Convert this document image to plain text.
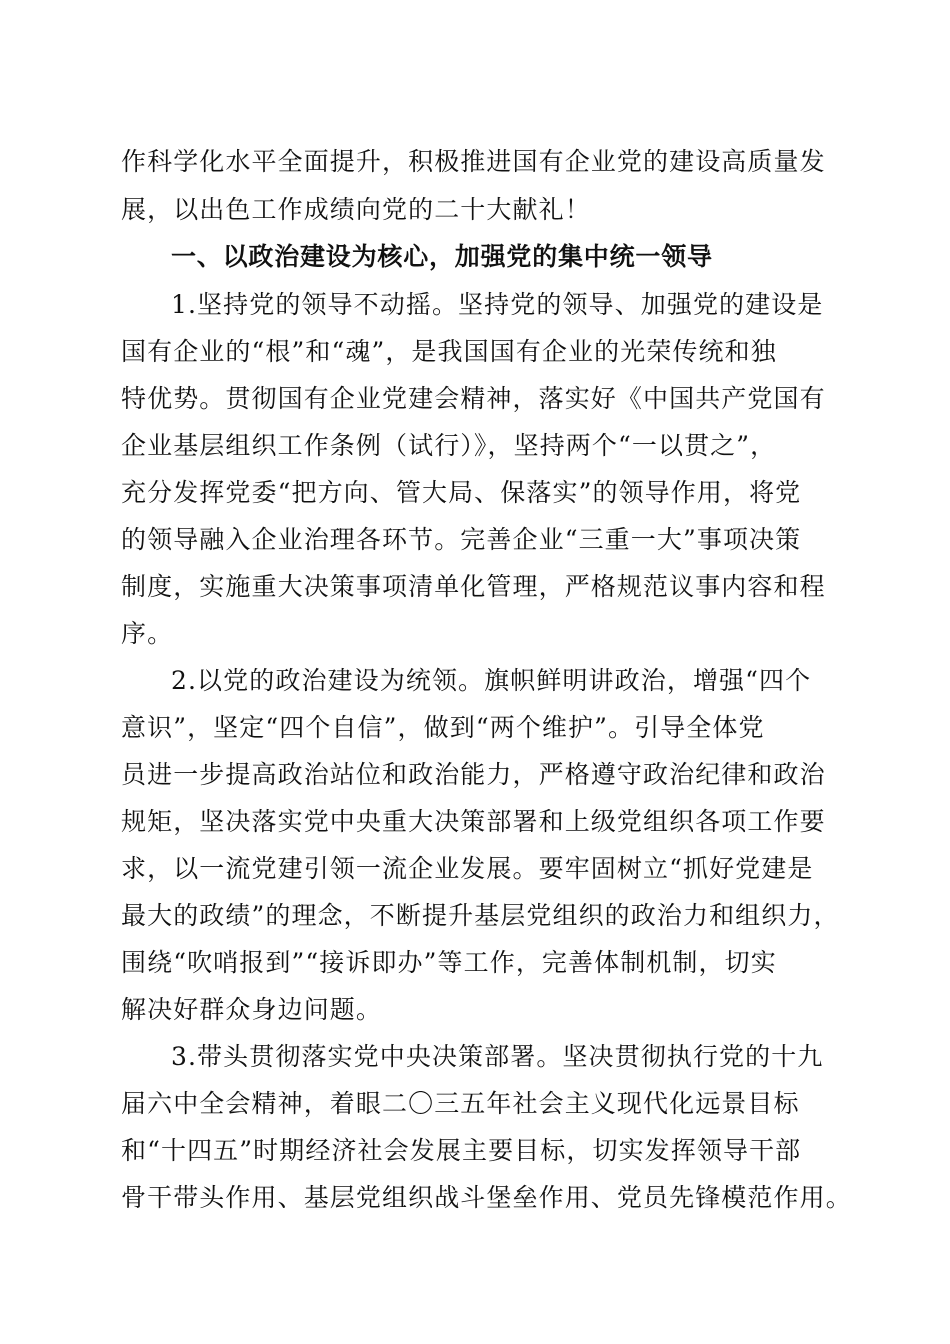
作科学化水平全面提升，积极推进国有企业党的建设高质量发
展，以出色工作成绩向党的二十大献礼！
一、以政治建设为核心，加强党的集中统一领导
1.坚持党的领导不动摇。坚持党的领导、加强党的建设是
国有企业的“根”和“魂”，是我国国有企业的光荣传统和独
特优势。贯彻国有企业党建会精神，落实好《中国共产党国有
企业基层组织工作条例（试行）》，坚持两个“一以贯之”，
充分发挥党委“把方向、管大局、保落实”的领导作用，将党
的领导融入企业治理各环节。完善企业“三重一大”事项决策
制度，实施重大决策事项清单化管理，严格规范议事内容和程
序。
2.以党的政治建设为统领。旗帜鲜明讲政治，增强“四个
意识”，坚定“四个自信”，做到“两个维护”。引导全体党
员进一步提高政治站位和政治能力，严格遵守政治纪律和政治
规矩，坚决落实党中央重大决策部署和上级党组织各项工作要
求，以一流党建引领一流企业发展。要牢固树立“抓好党建是
最大的政绩”的理念，不断提升基层党组织的政治力和组织力，
围绕“吹哨报到”“接诉即办”等工作，完善体制机制，切实
解决好群众身边问题。
3.带头贯彻落实党中央决策部署。坚决贯彻执行党的十九
届六中全会精神，着眼二〇三五年社会主义现代化远景目标
和“十四五”时期经济社会发展主要目标，切实发挥领导干部
骨干带头作用、基层党组织战斗堡垒作用、党员先锋模范作用。
